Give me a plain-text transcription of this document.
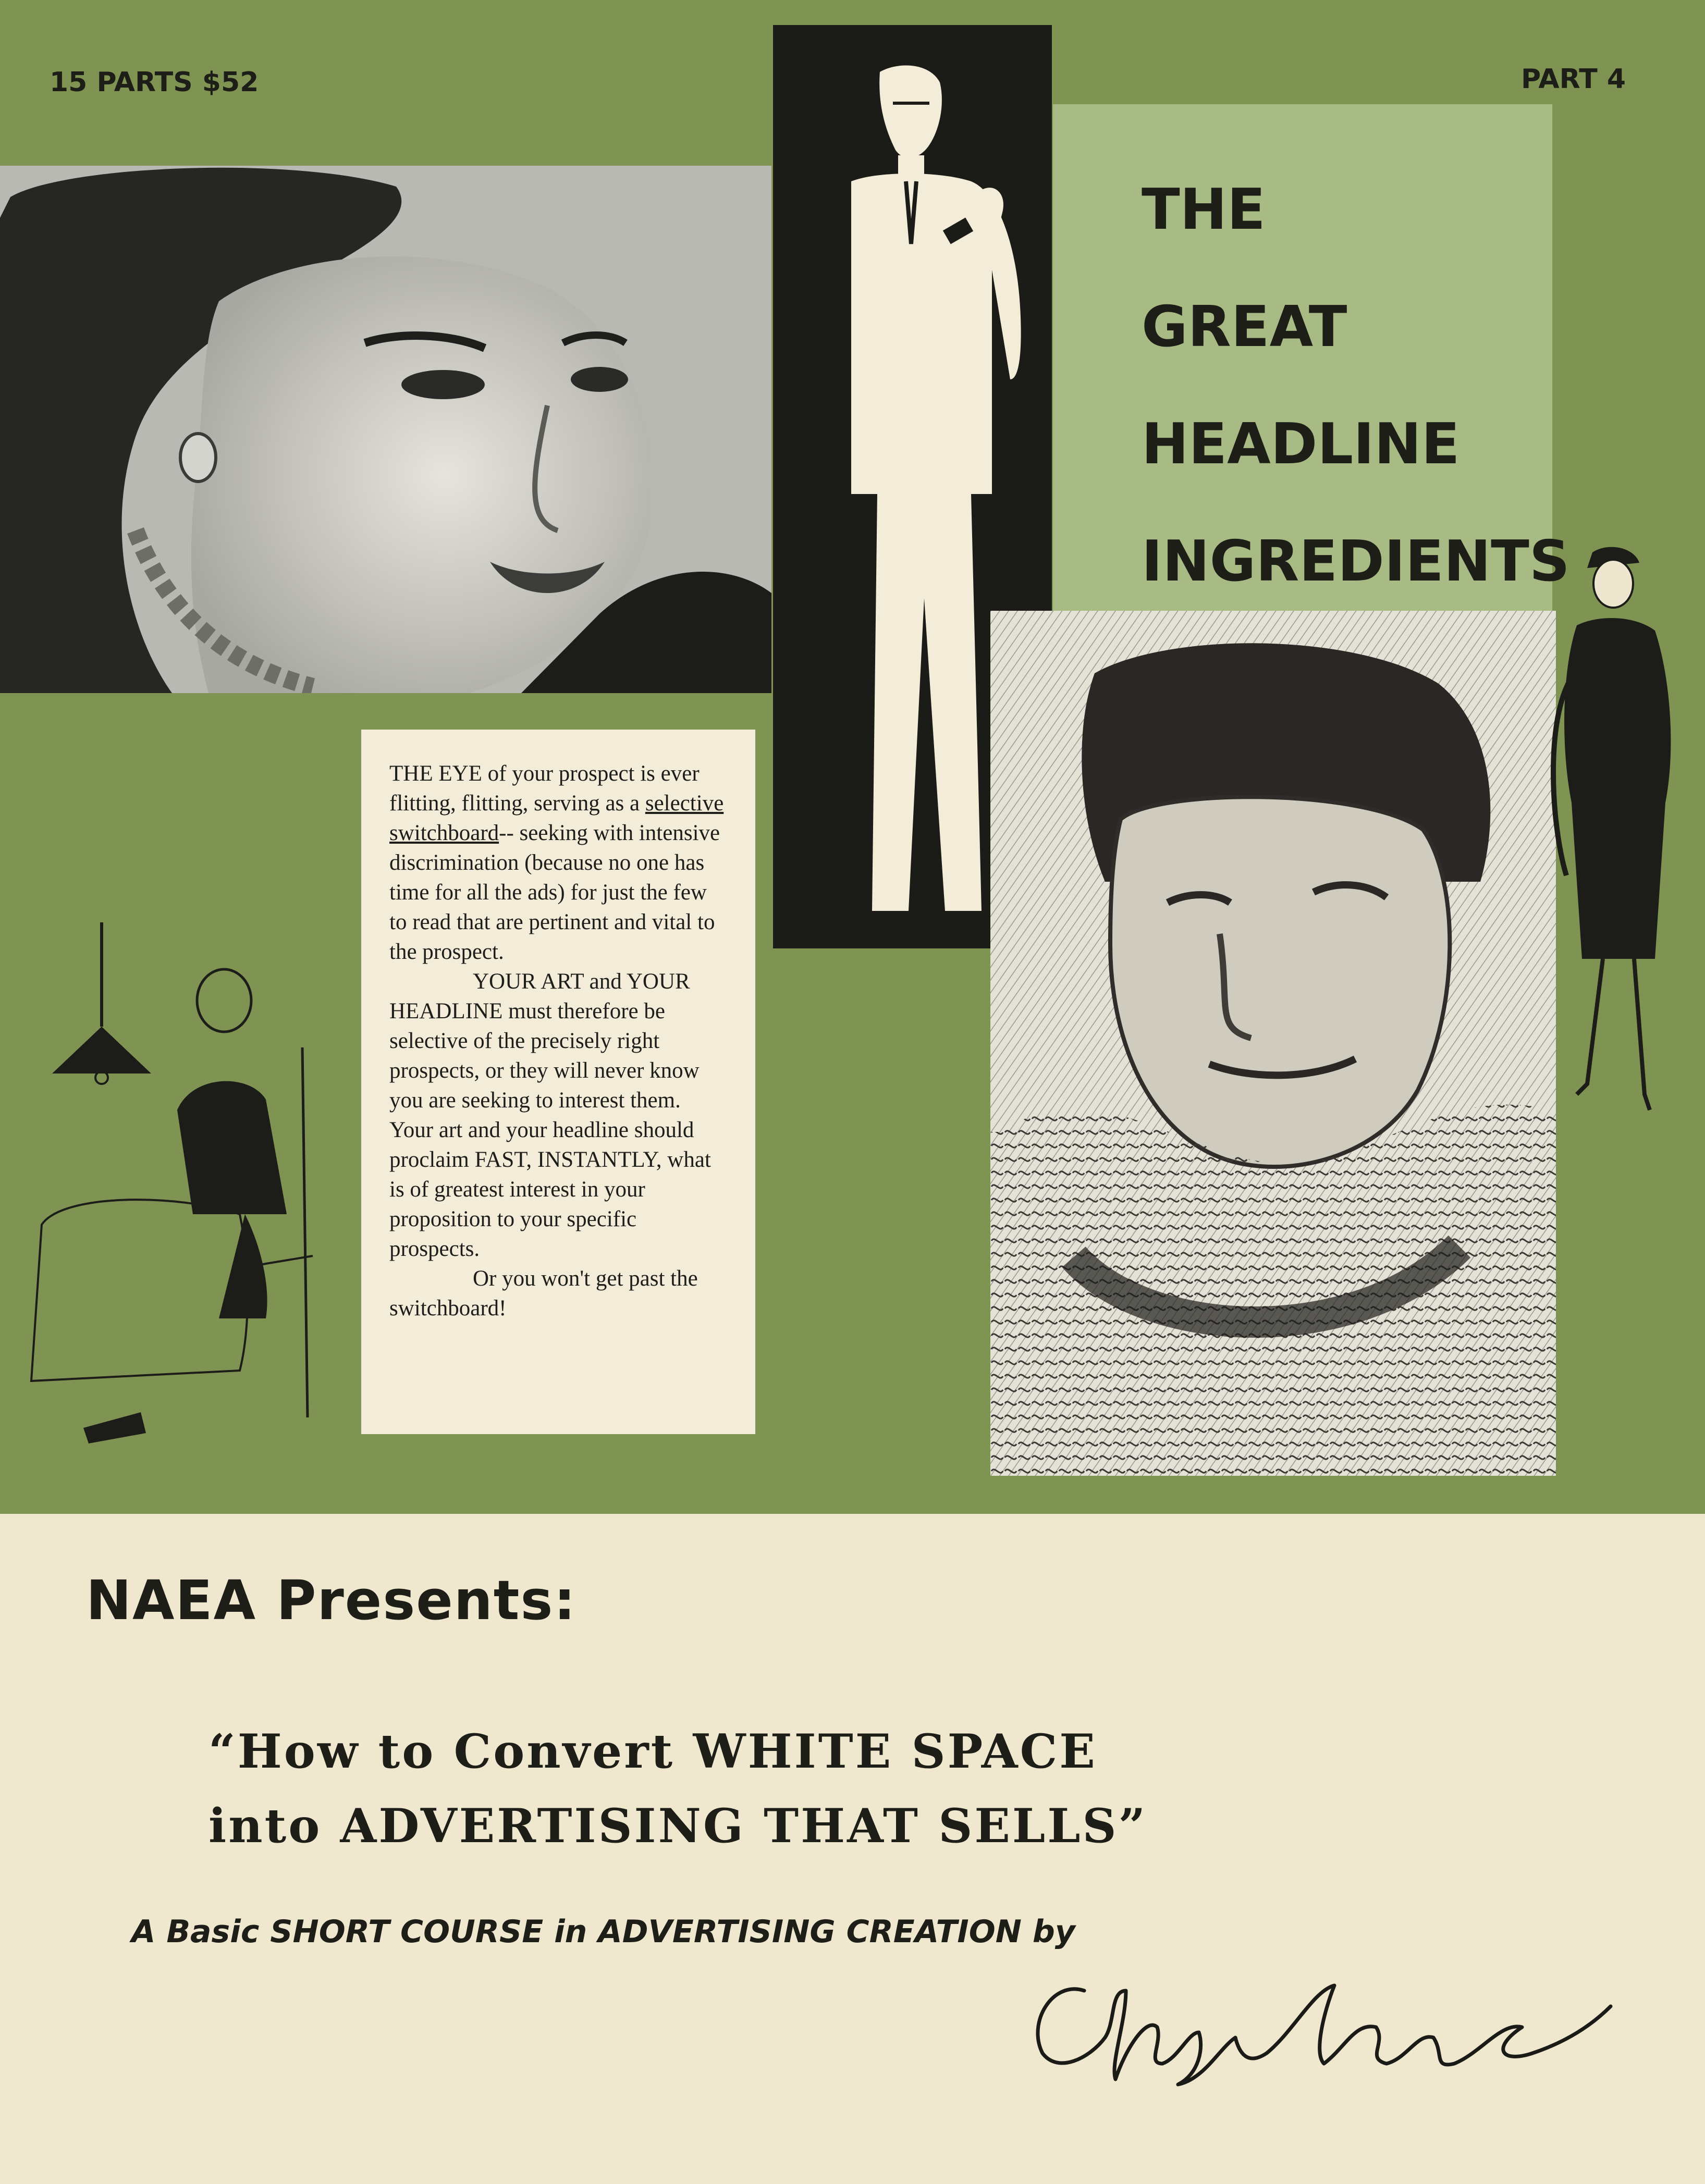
15 PARTS $52	PART 4
THE
GREAT
HEADLINE
INGREDIENTS

THE EYE of your prospect is ever flitting, flitting, serving as a selective switchboard-- seeking with intensive discrimination (because no one has time for all the ads) for just the few to read that are pertinent and vital to the prospect.

YOUR ART and YOUR HEADLINE must therefore be selective of the precisely right prospects, or they will never know you are seeking to interest them. Your art and your headline should proclaim FAST, INSTANTLY, what is of greatest interest in your proposition to your specific prospects.

Or you won't get past the switchboard!

NAEA Presents:
“How to Convert WHITE SPACE
into ADVERTISING THAT SELLS”
A Basic SHORT COURSE in ADVERTISING CREATION by
